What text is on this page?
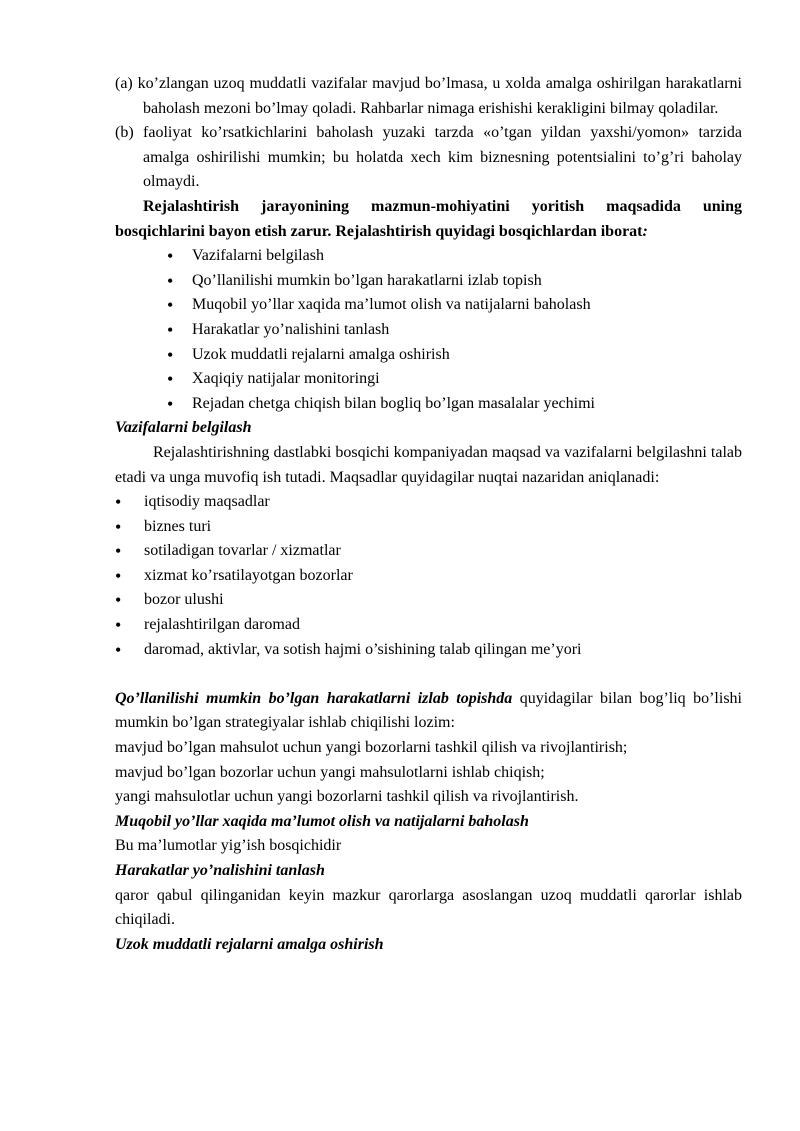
(a) ko’zlangan uzoq muddatli vazifalar mavjud bo’lmasa, u xolda amalga oshirilgan harakatlarni baholash mezoni bo’lmay qoladi. Rahbarlar nimaga erishishi kerakligini bilmay qoladilar.

(b) faoliyat ko’rsatkichlarini baholash yuzaki tarzda «o’tgan yildan yaxshi/yomon» tarzida amalga oshirilishi mumkin; bu holatda xech kim biznesning potentsialini to’g’ri baholay olmaydi.

Rejalashtirish jarayonining mazmun-mohiyatini yoritish maqsadida uning bosqichlarini bayon etish zarur. Rejalashtirish quyidagi bosqichlardan iborat:

• Vazifalarni belgilash
• Qo’llanilishi mumkin bo’lgan harakatlarni izlab topish
• Muqobil yo’llar xaqida ma’lumot olish va natijalarni baholash
• Harakatlar yo’nalishini tanlash
• Uzok muddatli rejalarni amalga oshirish
• Xaqiqiy natijalar monitoringi
• Rejadan chetga chiqish bilan bogliq bo’lgan masalalar yechimi

Vazifalarni belgilash

Rejalashtirishning dastlabki bosqichi kompaniyadan maqsad va vazifalarni belgilashni talab etadi va unga muvofiq ish tutadi. Maqsadlar quyidagilar nuqtai nazaridan aniqlanadi:

• iqtisodiy maqsadlar
• biznes turi
• sotiladigan tovarlar / xizmatlar
• xizmat ko’rsatilayotgan bozorlar
• bozor ulushi
• rejalashtirilgan daromad
• daromad, aktivlar, va sotish hajmi o’sishining talab qilingan me’yori

Qo’llanilishi mumkin bo’lgan harakatlarni izlab topishda quyidagilar bilan bog’liq bo’lishi mumkin bo’lgan strategiyalar ishlab chiqilishi lozim:

mavjud bo’lgan mahsulot uchun yangi bozorlarni tashkil qilish va rivojlantirish;

mavjud bo’lgan bozorlar uchun yangi mahsulotlarni ishlab chiqish;

yangi mahsulotlar uchun yangi bozorlarni tashkil qilish va rivojlantirish.

Muqobil yo’llar xaqida ma’lumot olish va natijalarni baholash

Bu ma’lumotlar yig’ish bosqichidir

Harakatlar yo’nalishini tanlash

qaror qabul qilinganidan keyin mazkur qarorlarga asoslangan uzoq muddatli qarorlar ishlab chiqiladi.

Uzok muddatli rejalarni amalga oshirish
